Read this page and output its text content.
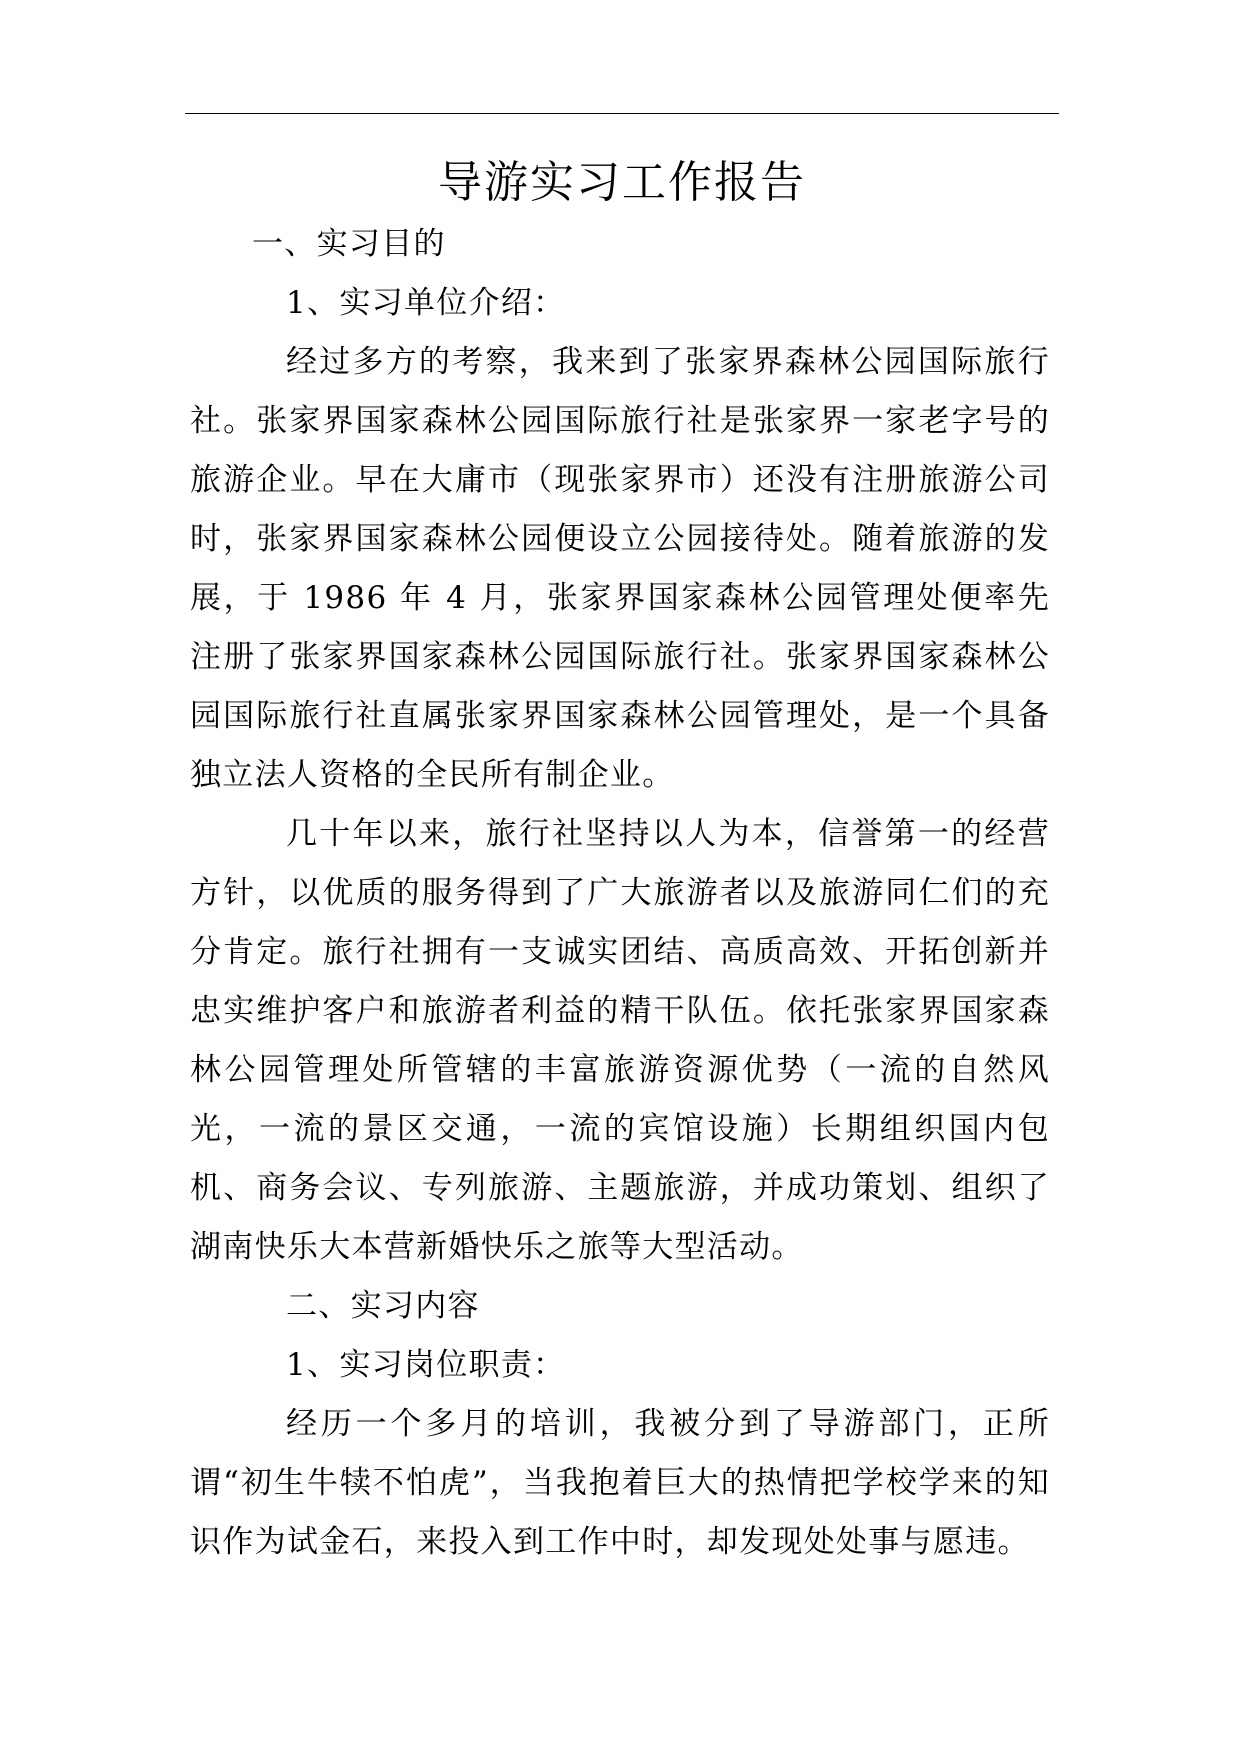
导游实习工作报告

一、实习目的

1、实习单位介绍：

经过多方的考察，我来到了张家界森林公园国际旅行社。张家界国家森林公园国际旅行社是张家界一家老字号的旅游企业。早在大庸市（现张家界市）还没有注册旅游公司时，张家界国家森林公园便设立公园接待处。随着旅游的发展，于 1986 年 4 月，张家界国家森林公园管理处便率先注册了张家界国家森林公园国际旅行社。张家界国家森林公园国际旅行社直属张家界国家森林公园管理处，是一个具备独立法人资格的全民所有制企业。

几十年以来，旅行社坚持以人为本，信誉第一的经营方针，以优质的服务得到了广大旅游者以及旅游同仁们的充分肯定。旅行社拥有一支诚实团结、高质高效、开拓创新并忠实维护客户和旅游者利益的精干队伍。依托张家界国家森林公园管理处所管辖的丰富旅游资源优势（一流的自然风光，一流的景区交通，一流的宾馆设施）长期组织国内包机、商务会议、专列旅游、主题旅游，并成功策划、组织了湖南快乐大本营新婚快乐之旅等大型活动。

二、实习内容

1、实习岗位职责：

经历一个多月的培训，我被分到了导游部门，正所谓“初生牛犊不怕虎”，当我抱着巨大的热情把学校学来的知识作为试金石，来投入到工作中时，却发现处处事与愿违。
